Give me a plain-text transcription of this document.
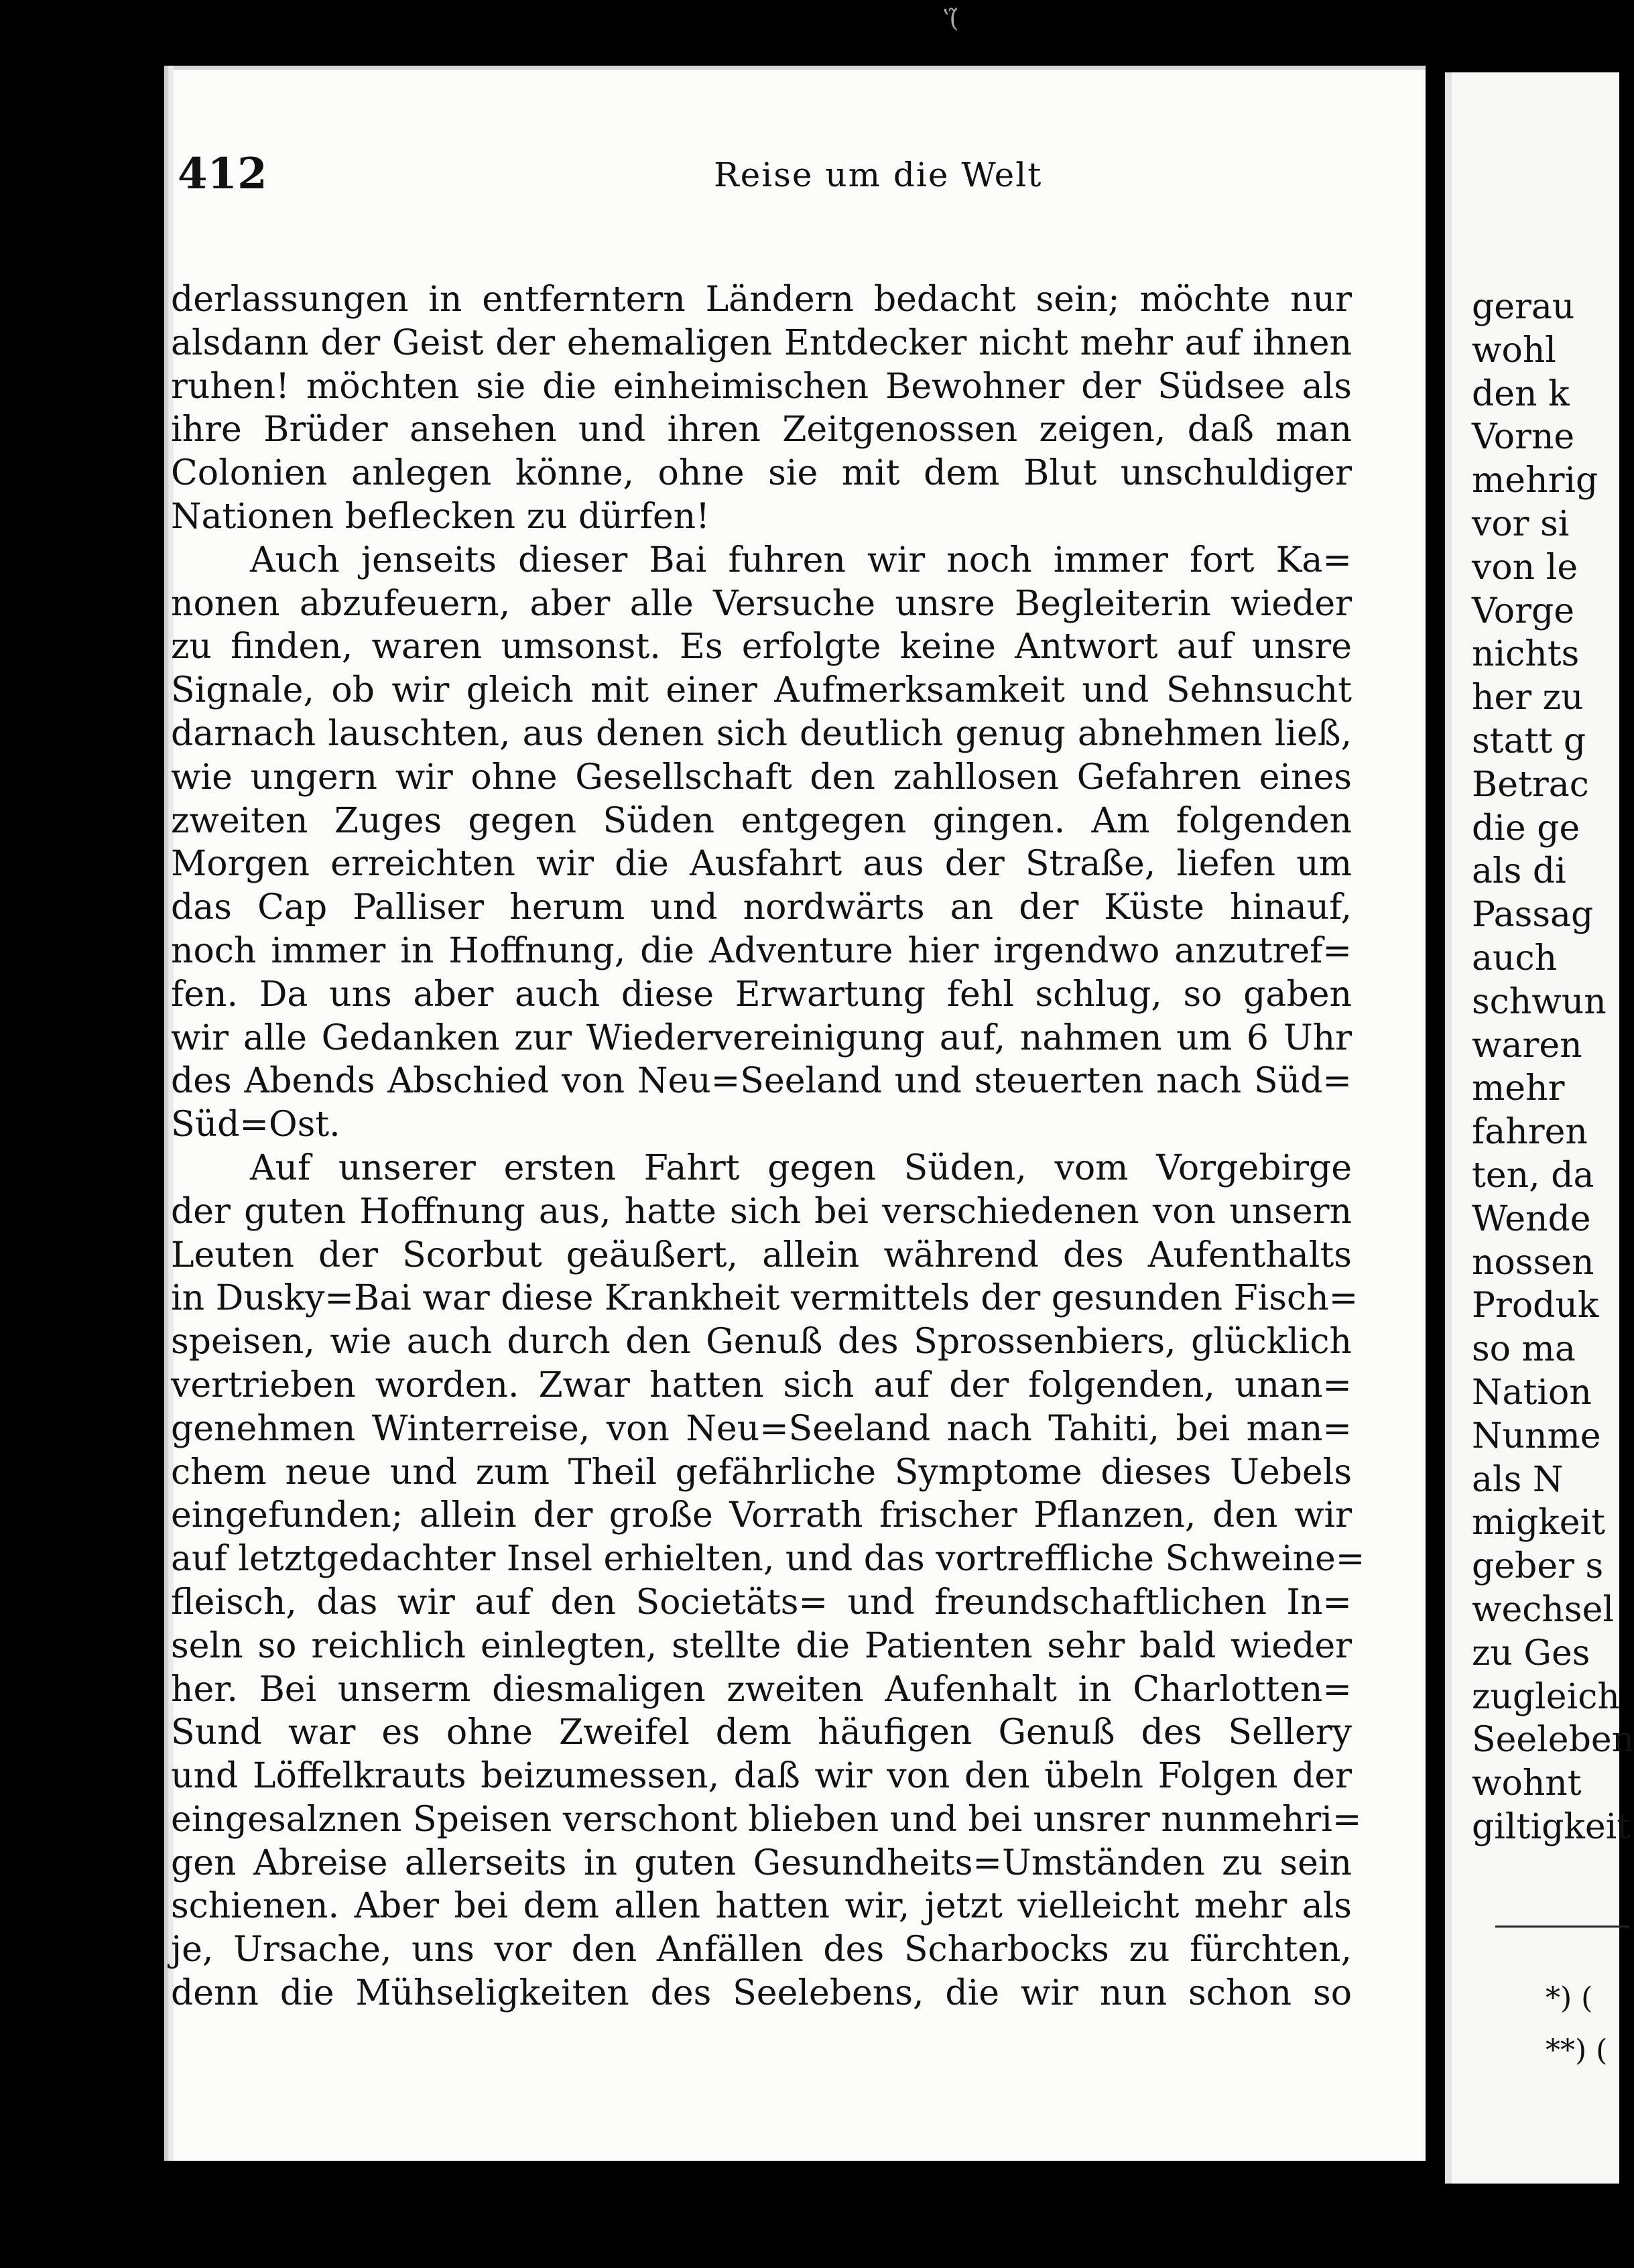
ʽ(̃
gerau
wohl
den k
Vorne
mehrig
vor si
von le
Vorge
nichts
her zu
statt g
Betrac
die ge
als di
Passag
auch
schwun
waren
mehr
fahren
ten, da
Wende
nossen
Produk
so ma
Nation
Nunme
als N
migkeit
geber s
wechsel
zu Ges
zugleich
Seeleben
wohnt
giltigkeit
*) (
**) (
412	Reise um die Welt
derlassungen in entferntern Ländern bedacht sein; möchte nur
alsdann der Geist der ehemaligen Entdecker nicht mehr auf ihnen
ruhen! möchten sie die einheimischen Bewohner der Südsee als
ihre Brüder ansehen und ihren Zeitgenossen zeigen, daß man
Colonien anlegen könne, ohne sie mit dem Blut unschuldiger
Nationen beflecken zu dürfen!
Auch jenseits dieser Bai fuhren wir noch immer fort Ka=
nonen abzufeuern, aber alle Versuche unsre Begleiterin wieder
zu finden, waren umsonst. Es erfolgte keine Antwort auf unsre
Signale, ob wir gleich mit einer Aufmerksamkeit und Sehnsucht
darnach lauschten, aus denen sich deutlich genug abnehmen ließ,
wie ungern wir ohne Gesellschaft den zahllosen Gefahren eines
zweiten Zuges gegen Süden entgegen gingen. Am folgenden
Morgen erreichten wir die Ausfahrt aus der Straße, liefen um
das Cap Palliser herum und nordwärts an der Küste hinauf,
noch immer in Hoffnung, die Adventure hier irgendwo anzutref=
fen. Da uns aber auch diese Erwartung fehl schlug, so gaben
wir alle Gedanken zur Wiedervereinigung auf, nahmen um 6 Uhr
des Abends Abschied von Neu=Seeland und steuerten nach Süd=
Süd=Ost.
Auf unserer ersten Fahrt gegen Süden, vom Vorgebirge
der guten Hoffnung aus, hatte sich bei verschiedenen von unsern
Leuten der Scorbut geäußert, allein während des Aufenthalts
in Dusky=Bai war diese Krankheit vermittels der gesunden Fisch=
speisen, wie auch durch den Genuß des Sprossenbiers, glücklich
vertrieben worden. Zwar hatten sich auf der folgenden, unan=
genehmen Winterreise, von Neu=Seeland nach Tahiti, bei man=
chem neue und zum Theil gefährliche Symptome dieses Uebels
eingefunden; allein der große Vorrath frischer Pflanzen, den wir
auf letztgedachter Insel erhielten, und das vortreffliche Schweine=
fleisch, das wir auf den Societäts= und freundschaftlichen In=
seln so reichlich einlegten, stellte die Patienten sehr bald wieder
her. Bei unserm diesmaligen zweiten Aufenhalt in Charlotten=
Sund war es ohne Zweifel dem häufigen Genuß des Sellery
und Löffelkrauts beizumessen, daß wir von den übeln Folgen der
eingesalznen Speisen verschont blieben und bei unsrer nunmehri=
gen Abreise allerseits in guten Gesundheits=Umständen zu sein
schienen. Aber bei dem allen hatten wir, jetzt vielleicht mehr als
je, Ursache, uns vor den Anfällen des Scharbocks zu fürchten,
denn die Mühseligkeiten des Seelebens, die wir nun schon so
